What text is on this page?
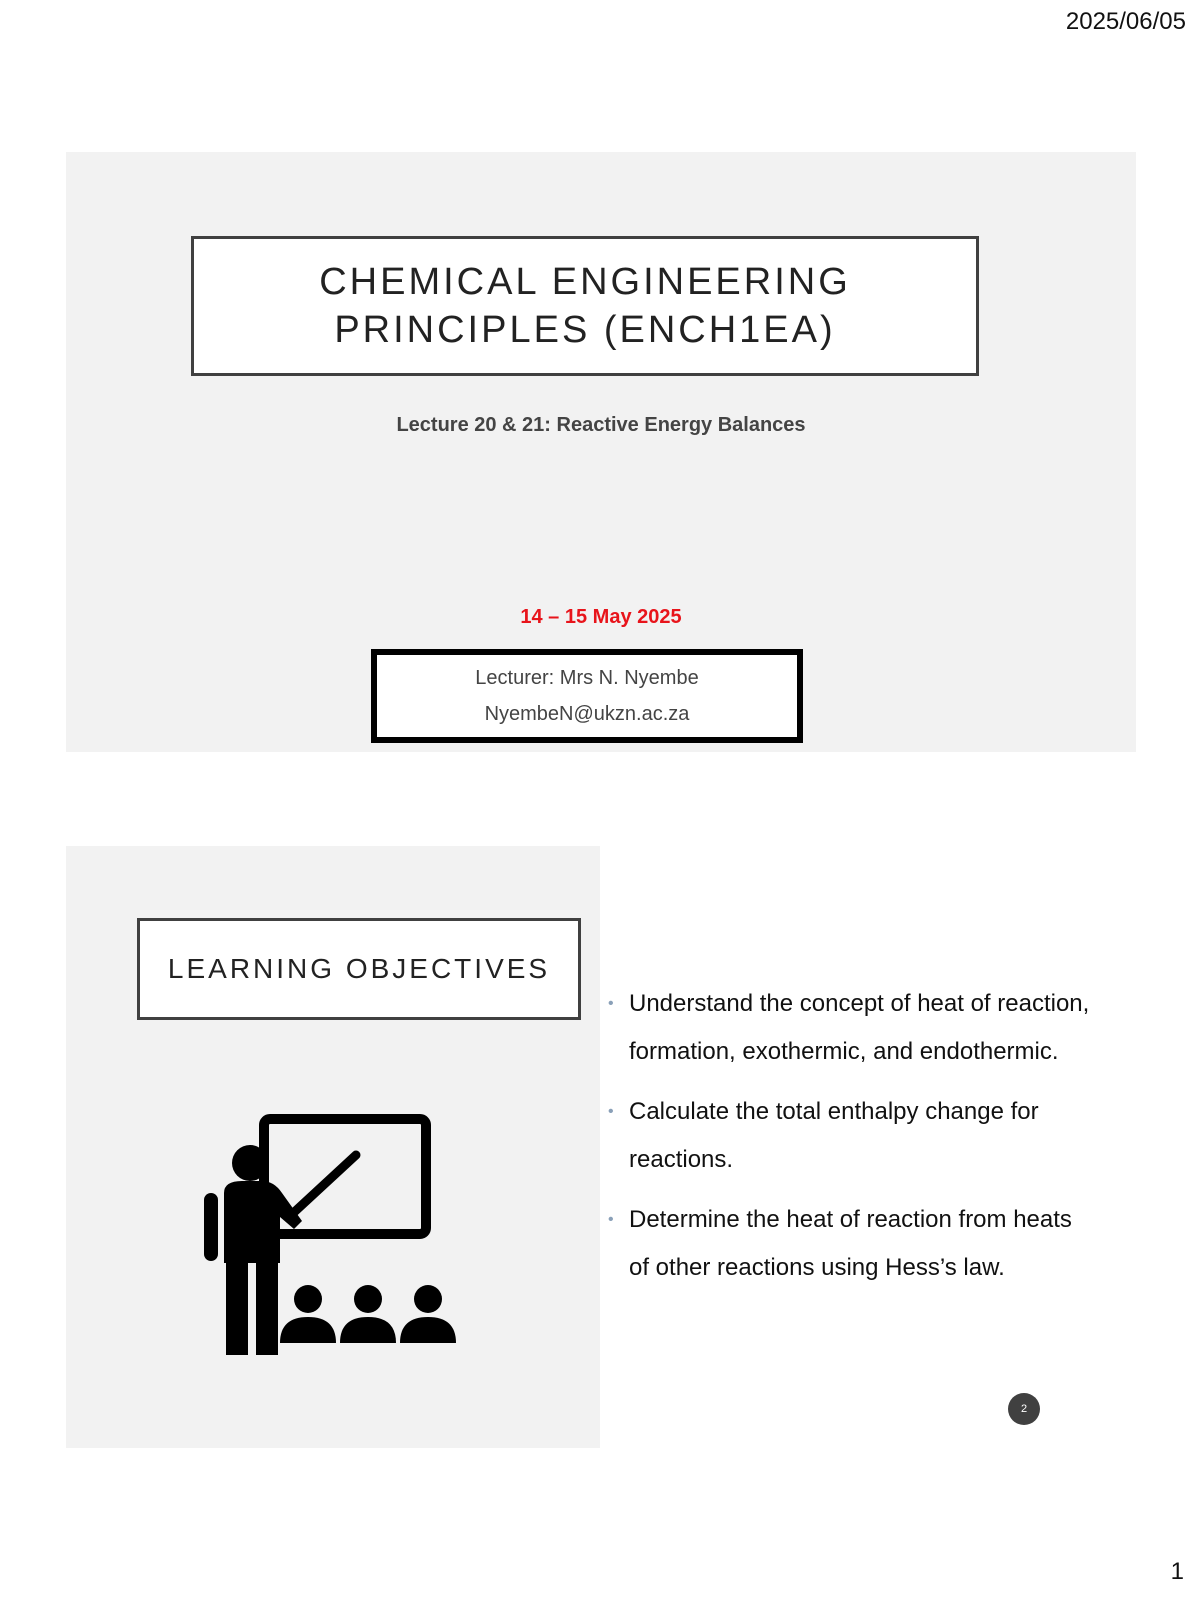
2025/06/05
CHEMICAL ENGINEERING
PRINCIPLES (ENCH1EA)
Lecture 20 & 21: Reactive Energy Balances
14 – 15 May 2025
Lecturer: Mrs N. Nyembe
NyembeN@ukzn.ac.za
LEARNING OBJECTIVES
• Understand the concept of heat of reaction,
formation, exothermic, and endothermic.
• Calculate the total enthalpy change for
reactions.
• Determine the heat of reaction from heats
of other reactions using Hess’s law.
2
1
